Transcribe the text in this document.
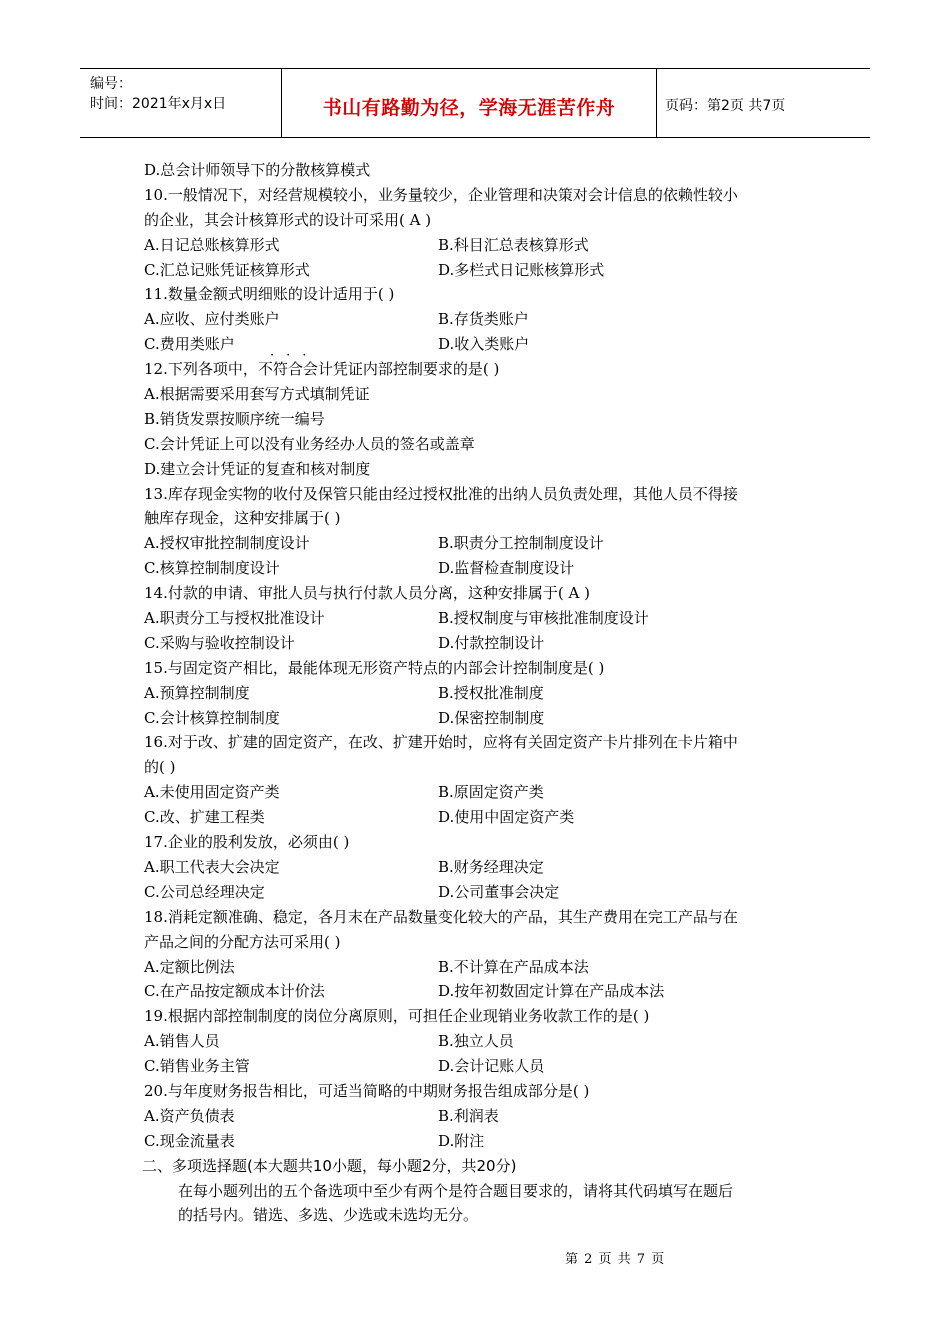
编号：
时间：2021年x月x日	书山有路勤为径，学海无涯苦作舟	页码：第2页 共7页
D.总会计师领导下的分散核算模式
10.一般情况下，对经营规模较小，业务量较少，企业管理和决策对会计信息的依赖性较小
的企业，其会计核算形式的设计可采用( A )
A.日记总账核算形式	B.科目汇总表核算形式
C.汇总记账凭证核算形式	D.多栏式日记账核算形式
11.数量金额式明细账的设计适用于( )
A.应收、应付类账户	B.存货类账户
C.费用类账户	D.收入类账户
12.下列各项中，不符合会计凭证内部控制要求的是( )
···
A.根据需要采用套写方式填制凭证
B.销货发票按顺序统一编号
C.会计凭证上可以没有业务经办人员的签名或盖章
D.建立会计凭证的复查和核对制度
13.库存现金实物的收付及保管只能由经过授权批准的出纳人员负责处理，其他人员不得接
触库存现金，这种安排属于( )
A.授权审批控制制度设计	B.职责分工控制制度设计
C.核算控制制度设计	D.监督检查制度设计
14.付款的申请、审批人员与执行付款人员分离，这种安排属于( A )
A.职责分工与授权批准设计	B.授权制度与审核批准制度设计
C.采购与验收控制设计	D.付款控制设计
15.与固定资产相比，最能体现无形资产特点的内部会计控制制度是( )
A.预算控制制度	B.授权批准制度
C.会计核算控制制度	D.保密控制制度
16.对于改、扩建的固定资产，在改、扩建开始时，应将有关固定资产卡片排列在卡片箱中
的( )
A.未使用固定资产类	B.原固定资产类
C.改、扩建工程类	D.使用中固定资产类
17.企业的股利发放，必须由( )
A.职工代表大会决定	B.财务经理决定
C.公司总经理决定	D.公司董事会决定
18.消耗定额准确、稳定，各月末在产品数量变化较大的产品，其生产费用在完工产品与在
产品之间的分配方法可采用( )
A.定额比例法	B.不计算在产品成本法
C.在产品按定额成本计价法	D.按年初数固定计算在产品成本法
19.根据内部控制制度的岗位分离原则，可担任企业现销业务收款工作的是( )
A.销售人员	B.独立人员
C.销售业务主管	D.会计记账人员
20.与年度财务报告相比，可适当简略的中期财务报告组成部分是( )
A.资产负债表	B.利润表
C.现金流量表	D.附注
二、多项选择题(本大题共10小题，每小题2分，共20分)
在每小题列出的五个备选项中至少有两个是符合题目要求的，请将其代码填写在题后
的括号内。错选、多选、少选或未选均无分。
第 2 页 共 7 页
